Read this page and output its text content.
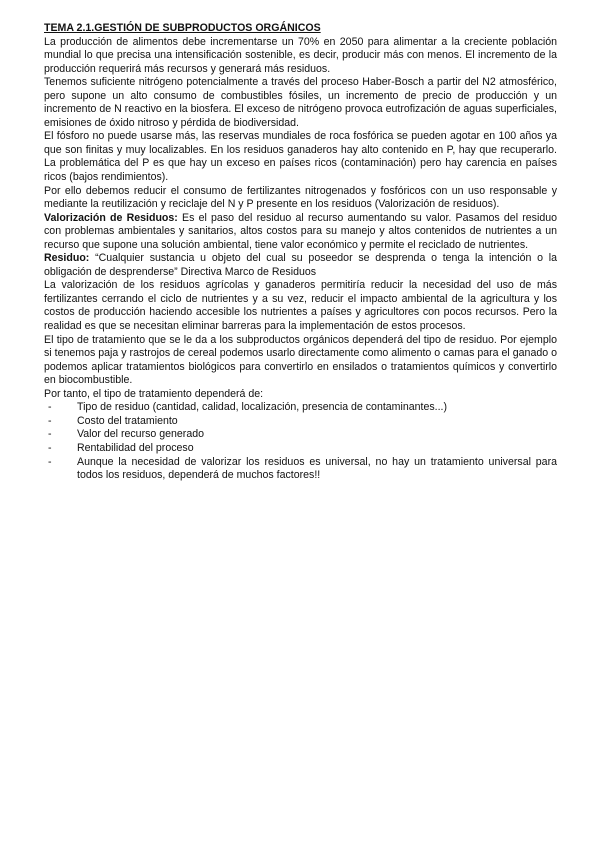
TEMA 2.1.GESTIÓN DE SUBPRODUCTOS ORGÁNICOS

La producción de alimentos debe incrementarse un 70% en 2050 para alimentar a la creciente población mundial lo que precisa una intensificación sostenible, es decir, producir más con menos. El incremento de la producción requerirá más recursos y generará más residuos.

Tenemos suficiente nitrógeno potencialmente a través del proceso Haber-Bosch a partir del N2 atmosférico, pero supone un alto consumo de combustibles fósiles, un incremento de precio de producción y un incremento de N reactivo en la biosfera. El exceso de nitrógeno provoca eutrofización de aguas superficiales, emisiones de óxido nitroso y pérdida de biodiversidad.

El fósforo no puede usarse más, las reservas mundiales de roca fosfórica se pueden agotar en 100 años ya que son finitas y muy localizables. En los residuos ganaderos hay alto contenido en P, hay que recuperarlo. La problemática del P es que hay un exceso en países ricos (contaminación) pero hay carencia en países ricos (bajos rendimientos).

Por ello debemos reducir el consumo de fertilizantes nitrogenados y fosfóricos con un uso responsable y mediante la reutilización y reciclaje del N y P presente en los residuos (Valorización de residuos).

Valorización de Residuos: Es el paso del residuo al recurso aumentando su valor. Pasamos del residuo con problemas ambientales y sanitarios, altos costos para su manejo y altos contenidos de nutrientes a un recurso que supone una solución ambiental, tiene valor económico y permite el reciclado de nutrientes.

Residuo: “Cualquier sustancia u objeto del cual su poseedor se desprenda o tenga la intención o la obligación de desprenderse” Directiva Marco de Residuos

La valorización de los residuos agrícolas y ganaderos permitiría reducir la necesidad del uso de más fertilizantes cerrando el ciclo de nutrientes y a su vez, reducir el impacto ambiental de la agricultura y los costos de producción haciendo accesible los nutrientes a países y agricultores con pocos recursos. Pero la realidad es que se necesitan eliminar barreras para la implementación de estos procesos.

El tipo de tratamiento que se le da a los subproductos orgánicos dependerá del tipo de residuo. Por ejemplo si tenemos paja y rastrojos de cereal podemos usarlo directamente como alimento o camas para el ganado o podemos aplicar tratamientos biológicos para convertirlo en ensilados o tratamientos químicos y convertirlo en biocombustible.

Por tanto, el tipo de tratamiento dependerá de:

- Tipo de residuo (cantidad, calidad, localización, presencia de contaminantes...)
- Costo del tratamiento
- Valor del recurso generado
- Rentabilidad del proceso
- Aunque la necesidad de valorizar los residuos es universal, no hay un tratamiento universal para todos los residuos, dependerá de muchos factores!!
